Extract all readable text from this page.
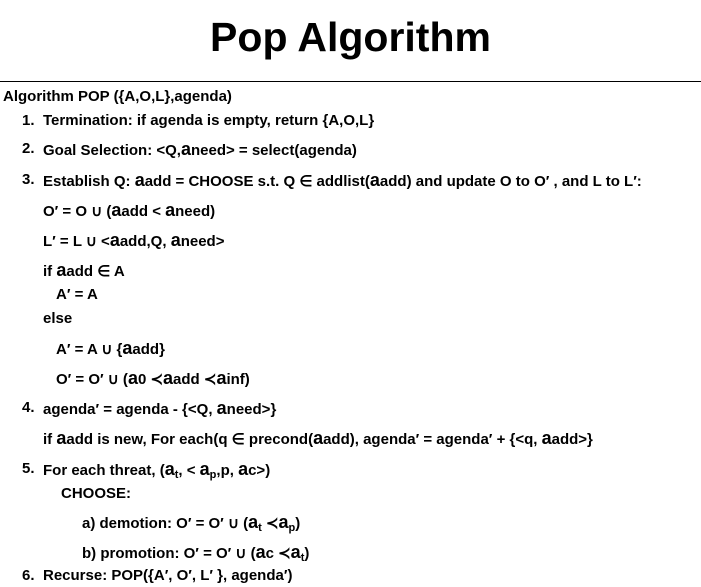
Pop Algorithm
Algorithm POP ({A,O,L},agenda)
1. Termination: if agenda is empty, return {A,O,L}
2. Goal Selection: <Q,aneed> = select(agenda)
3. Establish Q: aadd = CHOOSE s.t. Q ∈ addlist(aadd) and update O to O′ , and L to L′:
O′ = O ∪ (aadd < aneed)
L′ = L ∪ <aadd,Q, aneed>
if aadd ∈ A
A′ = A
else
A′ = A ∪ {aadd}
O′ = O′ ∪ (a0 ≺aadd ≺ainf)
4. agenda′ = agenda - {<Q, aneed>}
if aadd is new, For each(q ∈ precond(aadd), agenda′ = agenda′ + {<q, aadd>}
5. For each threat, ($a_t$, < $a_p,p$, ac>)
CHOOSE:
a) demotion: O′ = O′ ∪ ($a_t$ $≺a_p$)
b) promotion: O′ = O′ ∪ (ac $≺a_t$)
6. Recurse: POP({A′, O′, L′ }, agenda′)
